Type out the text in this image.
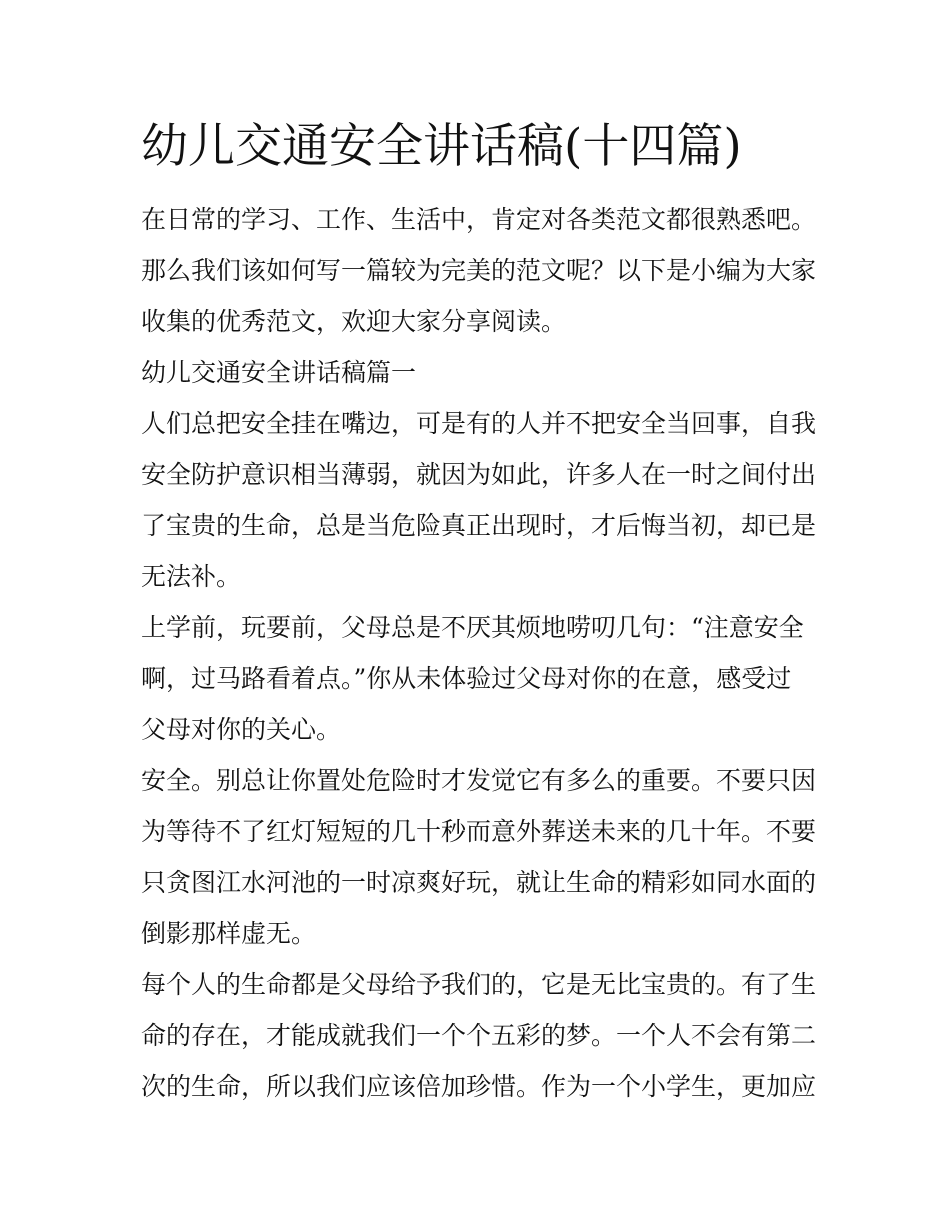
幼儿交通安全讲话稿(十四篇)

在日常的学习、工作、生活中，肯定对各类范文都很熟悉吧。

那么我们该如何写一篇较为完美的范文呢？以下是小编为大家

收集的优秀范文，欢迎大家分享阅读。

幼儿交通安全讲话稿篇一

人们总把安全挂在嘴边，可是有的人并不把安全当回事，自我

安全防护意识相当薄弱，就因为如此，许多人在一时之间付出

了宝贵的生命，总是当危险真正出现时，才后悔当初，却已是

无法补。

上学前，玩要前，父母总是不厌其烦地唠叨几句：“注意安全

啊，过马路看着点。”你从未体验过父母对你的在意，感受过

父母对你的关心。

安全。别总让你置处危险时才发觉它有多么的重要。不要只因

为等待不了红灯短短的几十秒而意外葬送未来的几十年。不要

只贪图江水河池的一时凉爽好玩，就让生命的精彩如同水面的

倒影那样虚无。

每个人的生命都是父母给予我们的，它是无比宝贵的。有了生

命的存在，才能成就我们一个个五彩的梦。一个人不会有第二

次的生命，所以我们应该倍加珍惜。作为一个小学生，更加应
